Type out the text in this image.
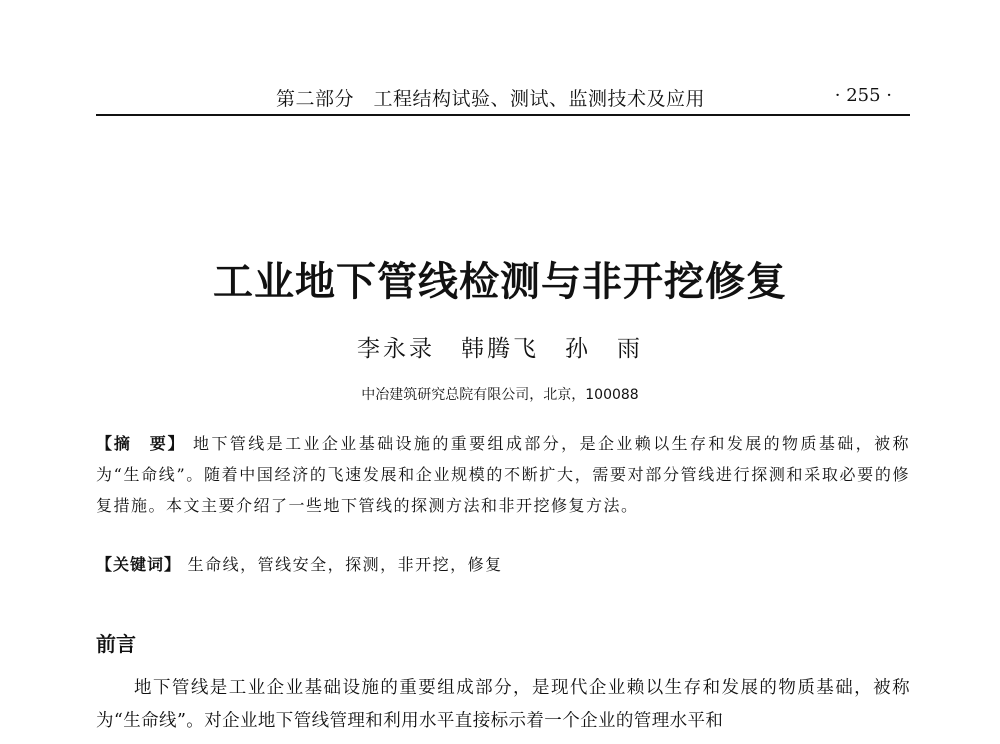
第二部分　工程结构试验、测试、监测技术及应用	· 255 ·
工业地下管线检测与非开挖修复
李永录　韩腾飞　孙　雨
中冶建筑研究总院有限公司，北京，100088

【摘　要】 地下管线是工业企业基础设施的重要组成部分，是企业赖以生存和发展的物质基础，被称为“生命线”。随着中国经济的飞速发展和企业规模的不断扩大，需要对部分管线进行探测和采取必要的修复措施。本文主要介绍了一些地下管线的探测方法和非开挖修复方法。

【关键词】 生命线，管线安全，探测，非开挖，修复
前言

地下管线是工业企业基础设施的重要组成部分，是现代企业赖以生存和发展的物质基础，被称为“生命线”。对企业地下管线管理和利用水平直接标示着一个企业的管理水平和
